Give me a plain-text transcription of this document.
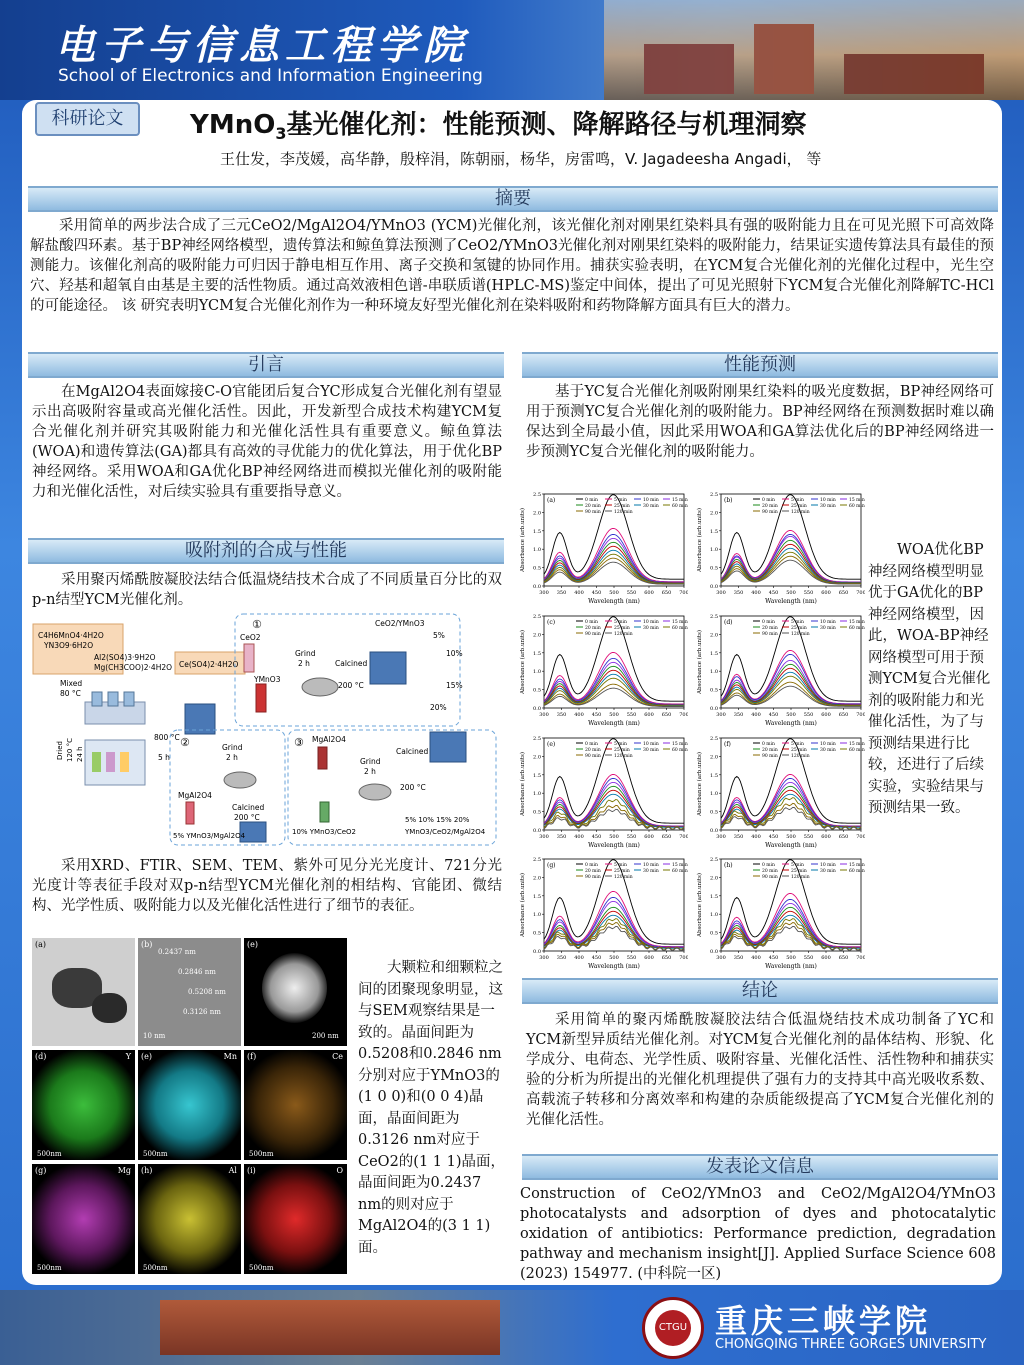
电子与信息工程学院
School of Electronics and Information Engineering
科研论文	YMnO$_3$基光催化剂：性能预测、降解路径与机理洞察
王仕发，李茂媛，高华静，殷梓涓，陈朝丽，杨华，房雷鸣，V. Jagadeesha Angadi， 等
摘要
采用简单的两步法合成了三元CeO2/MgAl2O4/YMnO3 (YCM)光催化剂，该光催化剂对刚果红染料具有强的吸附能力且在可见光照下可高效降解盐酸四环素。基于BP神经网络模型，遗传算法和鲸鱼算法预测了CeO2/YMnO3光催化剂对刚果红染料的吸附能力，结果证实遗传算法具有最佳的预测能力。该催化剂高的吸附能力可归因于静电相互作用、离子交换和氢键的协同作用。捕获实验表明，在YCM复合光催化剂的光催化过程中，光生空穴、羟基和超氧自由基是主要的活性物质。通过高效液相色谱-串联质谱(HPLC-MS)鉴定中间体，提出了可见光照射下YCM复合光催化剂降解TC-HCl的可能途径。 该 研究表明YCM复合光催化剂作为一种环境友好型光催化剂在染料吸附和药物降解方面具有巨大的潜力。
引言
在MgAl2O4表面嫁接C-O官能团后复合YC形成复合光催化剂有望显示出高吸附容量或高光催化活性。因此，开发新型合成技术构建YCM复合光催化剂并研究其吸附能力和光催化活性具有重要意义。鲸鱼算法(WOA)和遗传算法(GA)都具有高效的寻优能力的优化算法，用于优化BP神经网络。采用WOA和GA优化BP神经网络进而模拟光催化剂的吸附能力和光催化活性，对后续实验具有重要指导意义。
吸附剂的合成与性能
采用聚丙烯酰胺凝胶法结合低温烧结技术合成了不同质量百分比的双p-n结型YCM光催化剂。
C4H6MnO4·4H2O
YN3O9·6H2O
Al2(SO4)3·9H2O
Mg(CH3COO)2·4H2O Ce(SO4)2·4H2O
Mixed
80 °C
Dried 120 °C 24 h
800 °C
5 h
①
CeO2
YMnO3
Grind
2 h	Calcined
200 °C
CeO2/YMnO3
5%
10%
15%
20%
②	Grind
2 h
MgAl2O4
Calcined
200 °C
5% YMnO3/MgAl2O4
③ MgAl2O4
Grind
2 h
Calcined
200 °C
10% YMnO3/CeO2
5% 10% 15% 20%
YMnO3/CeO2/MgAl2O4
采用XRD、FTIR、SEM、TEM、紫外可见分光光度计、721分光光度计等表征手段对双p-n结型YCM光催化剂的相结构、官能团、微结构、光学性质、吸附能力以及光催化活性进行了细节的表征。
(a)	(b)
0.2437 nm
0.2846 nm
0.5208 nm
0.3126 nm
10 nm
(e)
200 nm
(d)	Y
500nm
(e)	Mn
500nm
(f)	Ce
500nm
(g)	Mg
500nm
(h)	Al
500nm
(i)	O
500nm
大颗粒和细颗粒之间的团聚现象明显，这与SEM观察结果是一致的。晶面间距为0.5208和0.2846 nm分别对应于YMnO3的(1 0 0)和(0 0 4)晶面，晶面间距为0.3126 nm对应于CeO2的(1 1 1)晶面，晶面间距为0.2437 nm的则对应于MgAl2O4的(3 1 1)面。
性能预测
基于YC复合光催化剂吸附刚果红染料的吸光度数据，BP神经网络可用于预测YC复合光催化剂的吸附能力。BP神经网络在预测数据时难以确保达到全局最小值，因此采用WOA和GA算法优化后的BP神经网络进一步预测YC复合光催化剂的吸附能力。
300 350 400 450 500 550 600 650 700
0.0
0.5
1.0
1.5
2.0
2.5
Wavelength (nm)
Absorbance (arb.units)
(a)	0 min	5 min	10 min	15 min
20 min	25 min	30 min	60 min
90 min	120 min
300 350 400 450 500 550 600 650 700
0.0
0.5
1.0
1.5
2.0
2.5
Wavelength (nm)
Absorbance (arb.units)
(b)	0 min	5 min	10 min	15 min
20 min	25 min	30 min	60 min
90 min	120 min
300 350 400 450 500 550 600 650 700
0.0
0.5
1.0
1.5
2.0
2.5
Wavelength (nm)
Absorbance (arb.units)
(c)	0 min	5 min	10 min	15 min
20 min	25 min	30 min	60 min
90 min	120 min
300 350 400 450 500 550 600 650 700
0.0
0.5
1.0
1.5
2.0
2.5
Wavelength (nm)
Absorbance (arb.units)
(d)	0 min	5 min	10 min	15 min
20 min	25 min	30 min	60 min
90 min	120 min
300 350 400 450 500 550 600 650 700
0.0
0.5
1.0
1.5
2.0
2.5
Wavelength (nm)
Absorbance (arb.units)
(e)	0 min	5 min	10 min	15 min
20 min	25 min	30 min	60 min
90 min	120 min
300 350 400 450 500 550 600 650 700
0.0
0.5
1.0
1.5
2.0
2.5
Wavelength (nm)
Absorbance (arb.units)
(f)	0 min	5 min	10 min	15 min
20 min	25 min	30 min	60 min
90 min	120 min
300 350 400 450 500 550 600 650 700
0.0
0.5
1.0
1.5
2.0
2.5
Wavelength (nm)
Absorbance (arb.units)
(g)	0 min	5 min	10 min	15 min
20 min	25 min	30 min	60 min
90 min	120 min
300 350 400 450 500 550 600 650 700
0.0
0.5
1.0
1.5
2.0
2.5
Wavelength (nm)
Absorbance (arb.units)
(h)	0 min	5 min	10 min	15 min
20 min	25 min	30 min	60 min
90 min	120 min
WOA优化BP神经网络模型明显优于GA优化的BP神经网络模型，因此，WOA-BP神经网络模型可用于预测YCM复合光催化剂的吸附能力和光催化活性，为了与预测结果进行比较，还进行了后续实验，实验结果与预测结果一致。
结论
采用简单的聚丙烯酰胺凝胶法结合低温烧结技术成功制备了YC和YCM新型异质结光催化剂。对YCM复合光催化剂的晶体结构、形貌、化学成分、电荷态、光学性质、吸附容量、光催化活性、活性物种和捕获实验的分析为所提出的光催化机理提供了强有力的支持其中高光吸收系数、高载流子转移和分离效率和构建的杂质能级提高了YCM复合光催化剂的光催化活性。
发表论文信息
Construction of CeO2/YMnO3 and CeO2/MgAl2O4/YMnO3 photocatalysts and adsorption of dyes and photocatalytic oxidation of antibiotics: Performance prediction, degradation pathway and mechanism insight[J]. Applied Surface Science 608 (2023) 154977. (中科院一区)
CTGU 重庆三峡学院
CHONGQING THREE GORGES UNIVERSITY
